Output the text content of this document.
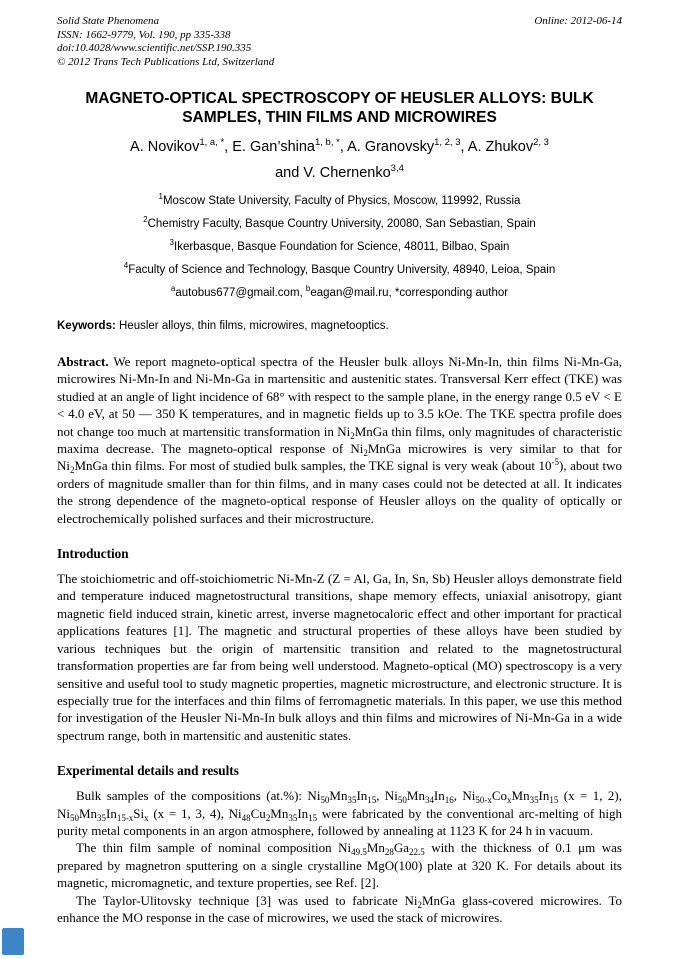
Solid State Phenomena
ISSN: 1662-9779, Vol. 190, pp 335-338
doi:10.4028/www.scientific.net/SSP.190.335
© 2012 Trans Tech Publications Ltd, Switzerland
Online: 2012-06-14
MAGNETO-OPTICAL SPECTROSCOPY OF HEUSLER ALLOYS: BULK SAMPLES, THIN FILMS AND MICROWIRES
A. Novikov$^{1, a, *}$, E. Gan’shina$^{1, b, *}$, A. Granovsky$^{1, 2, 3}$, A. Zhukov$^{2, 3}$
and V. Chernenko$^{3,4}$
$^1$Moscow State University, Faculty of Physics, Moscow, 119992, Russia
$^2$Chemistry Faculty, Basque Country University, 20080, San Sebastian, Spain
$^3$Ikerbasque, Basque Foundation for Science, 48011, Bilbao, Spain
$^4$Faculty of Science and Technology, Basque Country University, 48940, Leioa, Spain
$^a$autobus677@gmail.com, $^b$eagan@mail.ru, *corresponding author
Keywords: Heusler alloys, thin films, microwires, magnetooptics.
Abstract. We report magneto-optical spectra of the Heusler bulk alloys Ni-Mn-In, thin films Ni-Mn-Ga, microwires Ni-Mn-In and Ni-Mn-Ga in martensitic and austenitic states. Transversal Kerr effect (TKE) was studied at an angle of light incidence of 68° with respect to the sample plane, in the energy range 0.5 eV < E < 4.0 eV, at 50 — 350 K temperatures, and in magnetic fields up to 3.5 kOe. The TKE spectra profile does not change too much at martensitic transformation in $Ni_2MnGa$ thin films, only magnitudes of characteristic maxima decrease. The magneto-optical response of $Ni_2MnGa$ microwires is very similar to that for $Ni_2MnGa$ thin films. For most of studied bulk samples, the TKE signal is very weak (about $10^{-5}$), about two orders of magnitude smaller than for thin films, and in many cases could not be detected at all. It indicates the strong dependence of the magneto-optical response of Heusler alloys on the quality of optically or electrochemically polished surfaces and their microstructure.
Introduction
The stoichiometric and off-stoichiometric Ni-Mn-Z (Z = Al, Ga, In, Sn, Sb) Heusler alloys demonstrate field and temperature induced magnetostructural transitions, shape memory effects, uniaxial anisotropy, giant magnetic field induced strain, kinetic arrest, inverse magnetocaloric effect and other important for practical applications features [1]. The magnetic and structural properties of these alloys have been studied by various techniques but the origin of martensitic transition and related to the magnetostructural transformation properties are far from being well understood. Magneto-optical (MO) spectroscopy is a very sensitive and useful tool to study magnetic properties, magnetic microstructure, and electronic structure. It is especially true for the interfaces and thin films of ferromagnetic materials. In this paper, we use this method for investigation of the Heusler Ni-Mn-In bulk alloys and thin films and microwires of Ni-Mn-Ga in a wide spectrum range, both in martensitic and austenitic states.
Experimental details and results
Bulk samples of the compositions (at.%): $Ni_{50}Mn_{35}In_{15}$, $Ni_{50}Mn_{34}In_{16}$, $Ni_{50-x}Co_xMn_{35}In_{15}$ (x = 1, 2), $Ni_{50}Mn_{35}In_{15-x}Si_x$ (x = 1, 3, 4), $Ni_{48}Cu_2Mn_{35}In_{15}$ were fabricated by the conventional arc-melting of high purity metal components in an argon atmosphere, followed by annealing at 1123 K for 24 h in vacuum.
The thin film sample of nominal composition $Ni_{49.5}Mn_{28}Ga_{22.5}$ with the thickness of 0.1 μm was prepared by magnetron sputtering on a single crystalline MgO(100) plate at 320 K. For details about its magnetic, micromagnetic, and texture properties, see Ref. [2].
The Taylor-Ulitovsky technique [3] was used to fabricate $Ni_2MnGa$ glass-covered microwires. To enhance the MO response in the case of microwires, we used the stack of microwires.
